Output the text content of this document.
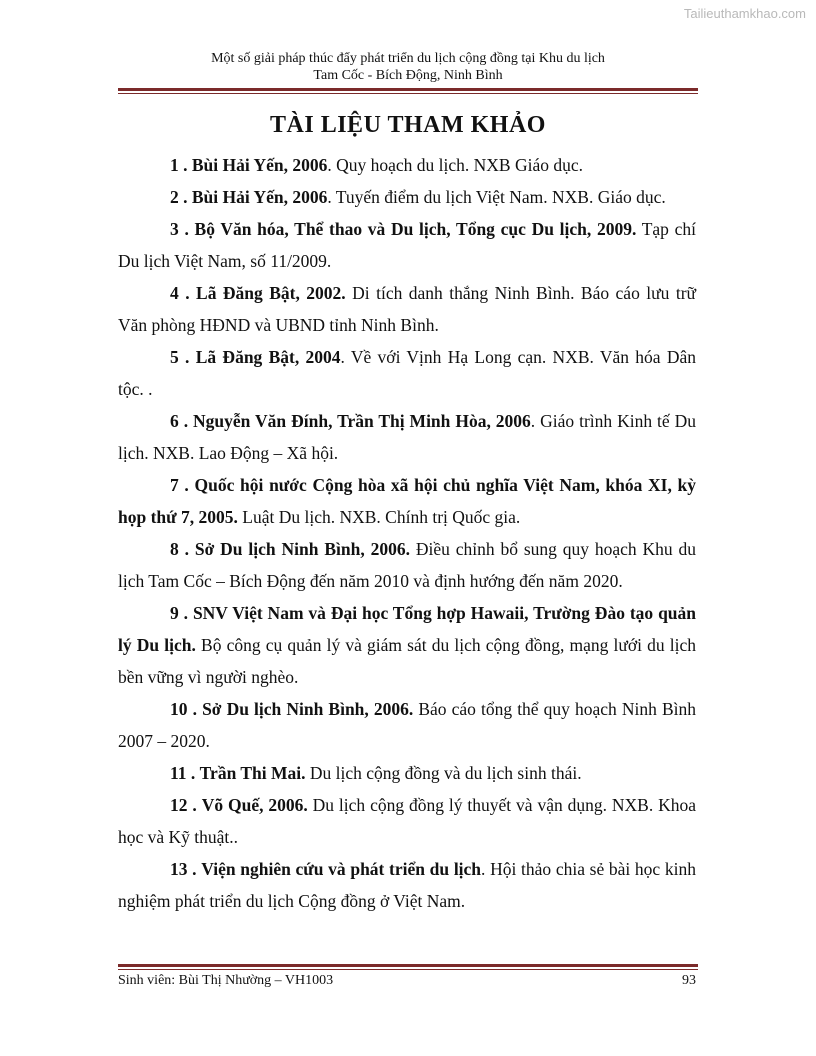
Tailieuthamkhao.com
Một số giải pháp thúc đẩy phát triển du lịch cộng đồng tại Khu du lịch
Tam Cốc - Bích Động, Ninh Bình
TÀI LIỆU THAM KHẢO

1 . Bùi Hải Yến, 2006. Quy hoạch du lịch. NXB Giáo dục.

2 . Bùi Hải Yến, 2006. Tuyến điểm du lịch Việt Nam. NXB. Giáo dục.

3 . Bộ Văn hóa, Thể thao và Du lịch, Tổng cục Du lịch, 2009. Tạp chí Du lịch Việt Nam, số 11/2009.

4 . Lã Đăng Bật, 2002. Di tích danh thắng Ninh Bình. Báo cáo lưu trữ Văn phòng HĐND và UBND tỉnh Ninh Bình.

5 . Lã Đăng Bật, 2004. Về với Vịnh Hạ Long cạn. NXB. Văn hóa Dân tộc. .

6 . Nguyễn Văn Đính, Trần Thị Minh Hòa, 2006. Giáo trình Kinh tế Du lịch. NXB. Lao Động – Xã hội.

7 . Quốc hội nước Cộng hòa xã hội chủ nghĩa Việt Nam, khóa XI, kỳ họp thứ 7, 2005. Luật Du lịch. NXB. Chính trị Quốc gia.

8 . Sở Du lịch Ninh Bình, 2006. Điều chỉnh bổ sung quy hoạch Khu du lịch Tam Cốc – Bích Động đến năm 2010 và định hướng đến năm 2020.

9 . SNV Việt Nam và Đại học Tổng hợp Hawaii, Trường Đào tạo quản lý Du lịch. Bộ công cụ quản lý và giám sát du lịch cộng đồng, mạng lưới du lịch bền vững vì người nghèo.

10 . Sở Du lịch Ninh Bình, 2006. Báo cáo tổng thể quy hoạch Ninh Bình 2007 – 2020.

11 . Trần Thi Mai. Du lịch cộng đồng và du lịch sinh thái.

12 . Võ Quế, 2006. Du lịch cộng đồng lý thuyết và vận dụng. NXB. Khoa học và Kỹ thuật..

13 . Viện nghiên cứu và phát triển du lịch. Hội thảo chia sẻ bài học kinh nghiệm phát triển du lịch Cộng đồng ở Việt Nam.

Sinh viên: Bùi Thị Nhường – VH1003	93
